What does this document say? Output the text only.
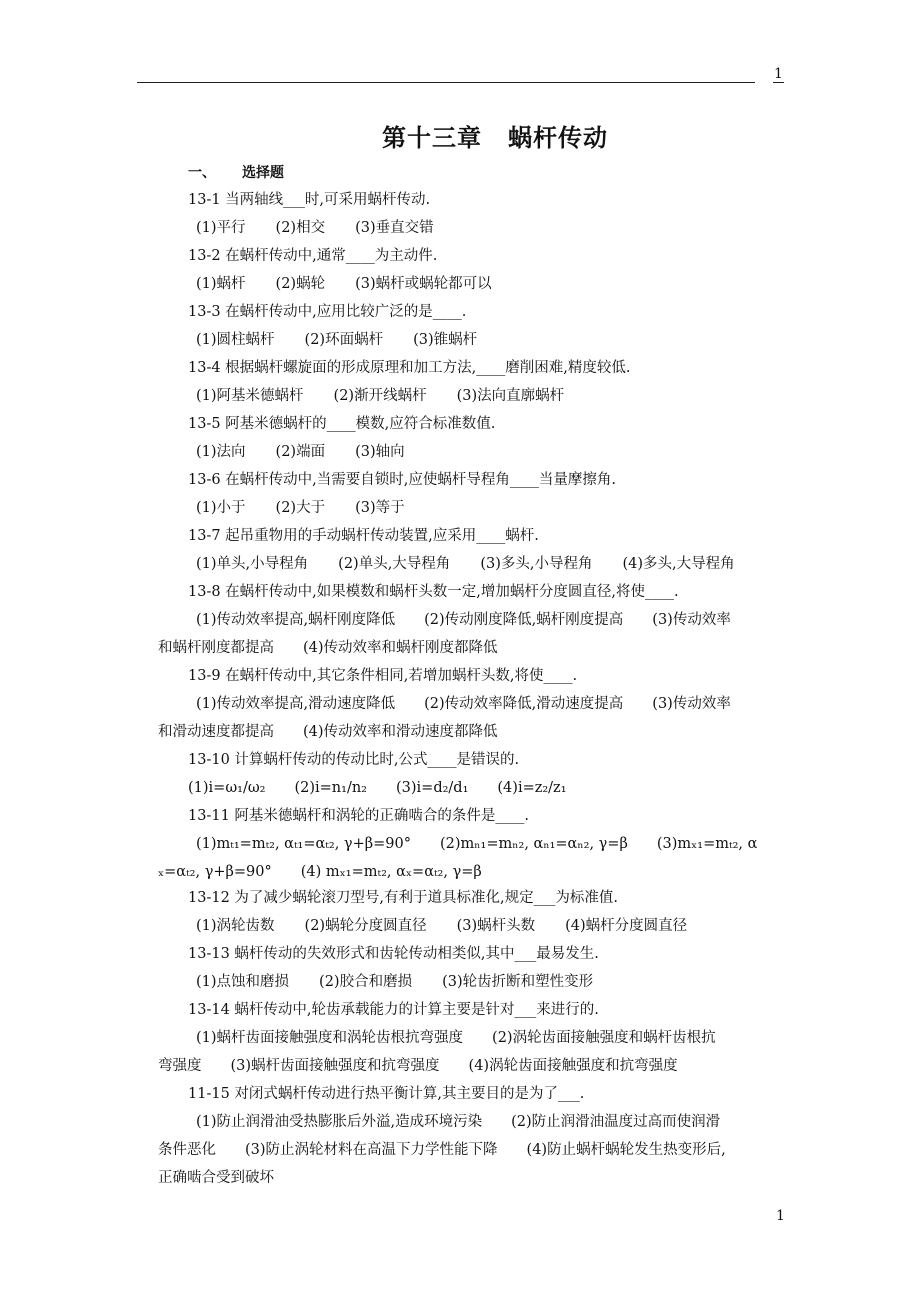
1
第十三章 蜗杆传动
一、 选择题
13-1 当两轴线___时,可采用蜗杆传动.
(1)平行 (2)相交 (3)垂直交错
13-2 在蜗杆传动中,通常____为主动件.
(1)蜗杆 (2)蜗轮 (3)蜗杆或蜗轮都可以
13-3 在蜗杆传动中,应用比较广泛的是____.
(1)圆柱蜗杆 (2)环面蜗杆 (3)锥蜗杆
13-4 根据蜗杆螺旋面的形成原理和加工方法,____磨削困难,精度较低.
(1)阿基米德蜗杆 (2)渐开线蜗杆 (3)法向直廓蜗杆
13-5 阿基米德蜗杆的____模数,应符合标准数值.
(1)法向 (2)端面 (3)轴向
13-6 在蜗杆传动中,当需要自锁时,应使蜗杆导程角____当量摩擦角.
(1)小于 (2)大于 (3)等于
13-7 起吊重物用的手动蜗杆传动装置,应采用____蜗杆.
(1)单头,小导程角 (2)单头,大导程角 (3)多头,小导程角 (4)多头,大导程角
13-8 在蜗杆传动中,如果模数和蜗杆头数一定,增加蜗杆分度圆直径,将使____.
(1)传动效率提高,蜗杆刚度降低　　(2)传动刚度降低,蜗杆刚度提高　　(3)传动效率
和蜗杆刚度都提高　　(4)传动效率和蜗杆刚度都降低
13-9 在蜗杆传动中,其它条件相同,若增加蜗杆头数,将使____.
(1)传动效率提高,滑动速度降低　　(2)传动效率降低,滑动速度提高　　(3)传动效率
和滑动速度都提高　　(4)传动效率和滑动速度都降低
13-10 计算蜗杆传动的传动比时,公式____是错误的.
(1)i=ω₁/ω₂　　(2)i=n₁/n₂　　(3)i=d₂/d₁　　(4)i=z₂/z₁
13-11 阿基米德蜗杆和涡轮的正确啮合的条件是____.
(1)mₜ₁=mₜ₂, αₜ₁=αₜ₂, γ+β=90°　　(2)mₙ₁=mₙ₂, αₙ₁=αₙ₂, γ=β　　(3)mₓ₁=mₜ₂, α
ₓ=αₜ₂, γ+β=90°　　(4) mₓ₁=mₜ₂, αₓ=αₜ₂, γ=β
13-12 为了减少蜗轮滚刀型号,有利于道具标准化,规定___为标准值.
(1)涡轮齿数 (2)蜗轮分度圆直径 (3)蜗杆头数 (4)蜗杆分度圆直径
13-13 蜗杆传动的失效形式和齿轮传动相类似,其中___最易发生.
(1)点蚀和磨损 (2)胶合和磨损 (3)轮齿折断和塑性变形
13-14 蜗杆传动中,轮齿承载能力的计算主要是针对___来进行的.
(1)蜗杆齿面接触强度和涡轮齿根抗弯强度　　(2)涡轮齿面接触强度和蜗杆齿根抗
弯强度　　(3)蜗杆齿面接触强度和抗弯强度　　(4)涡轮齿面接触强度和抗弯强度
11-15 对闭式蜗杆传动进行热平衡计算,其主要目的是为了___.
(1)防止润滑油受热膨胀后外溢,造成环境污染　　(2)防止润滑油温度过高而使润滑
条件恶化　　(3)防止涡轮材料在高温下力学性能下降　　(4)防止蜗杆蜗轮发生热变形后,
正确啮合受到破坏
1
